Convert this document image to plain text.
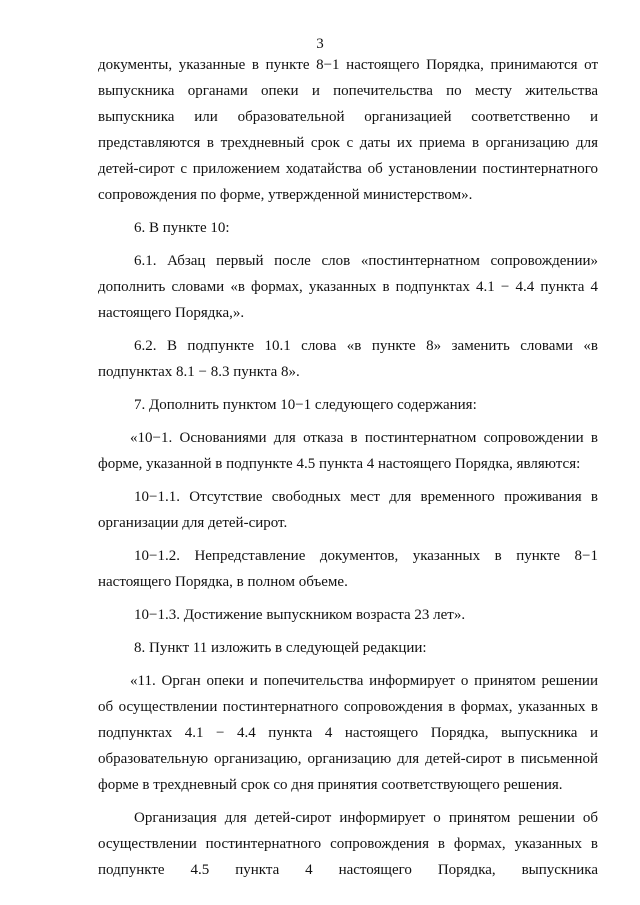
3

документы, указанные в пункте 8−1 настоящего Порядка, принимаются от выпускника органами опеки и попечительства по месту жительства выпускника или образовательной организацией соответственно и представляются в трехдневный срок с даты их приема в организацию для детей-сирот с приложением ходатайства об установлении постинтернатного сопровождения по форме, утвержденной министерством».

6. В пункте 10:

6.1. Абзац первый после слов «постинтернатном сопровождении» дополнить словами «в формах, указанных в подпунктах 4.1 − 4.4 пункта 4 настоящего Порядка,».

6.2. В подпункте 10.1 слова «в пункте 8» заменить словами «в подпунктах 8.1 − 8.3 пункта 8».

7. Дополнить пунктом 10−1 следующего содержания:

«10−1. Основаниями для отказа в постинтернатном сопровождении в форме, указанной в подпункте 4.5 пункта 4 настоящего Порядка, являются:

10−1.1. Отсутствие свободных мест для временного проживания в организации для детей-сирот.

10−1.2. Непредставление документов, указанных в пункте 8−1 настоящего Порядка, в полном объеме.

10−1.3. Достижение выпускником возраста 23 лет».

8. Пункт 11 изложить в следующей редакции:

«11. Орган опеки и попечительства информирует о принятом решении об осуществлении постинтернатного сопровождения в формах, указанных в подпунктах 4.1 − 4.4 пункта 4 настоящего Порядка, выпускника и образовательную организацию, организацию для детей-сирот в письменной форме в трехдневный срок со дня принятия соответствующего решения.

Организация для детей-сирот информирует о принятом решении об осуществлении постинтернатного сопровождения в формах, указанных в подпункте 4.5 пункта 4 настоящего Порядка, выпускника
